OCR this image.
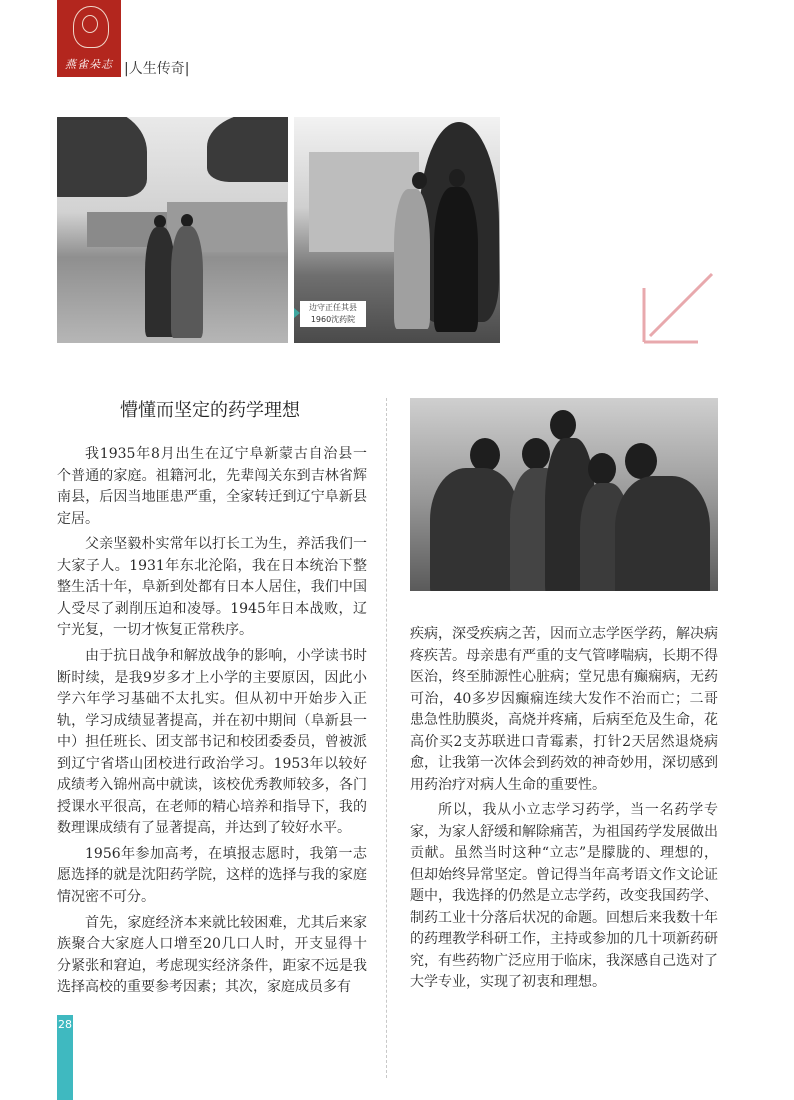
燕雀朵志 |人生传奇|
边守正任其县 1960沈药院
懵懂而坚定的药学理想

我1935年8月出生在辽宁阜新蒙古自治县一个普通的家庭。祖籍河北，先辈闯关东到吉林省辉南县，后因当地匪患严重，全家转迁到辽宁阜新县定居。

父亲坚毅朴实常年以打长工为生，养活我们一大家子人。1931年东北沦陷，我在日本统治下整整生活十年，阜新到处都有日本人居住，我们中国人受尽了剥削压迫和凌辱。1945年日本战败，辽宁光复，一切才恢复正常秩序。

由于抗日战争和解放战争的影响，小学读书时断时续，是我9岁多才上小学的主要原因，因此小学六年学习基础不太扎实。但从初中开始步入正轨，学习成绩显著提高，并在初中期间（阜新县一中）担任班长、团支部书记和校团委委员，曾被派到辽宁省塔山团校进行政治学习。1953年以较好成绩考入锦州高中就读，该校优秀教师较多，各门授课水平很高，在老师的精心培养和指导下，我的数理课成绩有了显著提高，并达到了较好水平。

1956年参加高考，在填报志愿时，我第一志愿选择的就是沈阳药学院，这样的选择与我的家庭情况密不可分。

首先，家庭经济本来就比较困难，尤其后来家族聚合大家庭人口增至20几口人时，开支显得十分紧张和窘迫，考虑现实经济条件，距家不远是我选择高校的重要参考因素；其次，家庭成员多有

疾病，深受疾病之苦，因而立志学医学药，解决病疼疾苦。母亲患有严重的支气管哮喘病，长期不得医治，终至肺源性心脏病；堂兄患有癫痫病，无药可治，40多岁因癫痫连续大发作不治而亡；二哥患急性肋膜炎，高烧并疼痛，后病至危及生命，花高价买2支苏联进口青霉素，打针2天居然退烧病愈，让我第一次体会到药效的神奇妙用，深切感到用药治疗对病人生命的重要性。

所以，我从小立志学习药学，当一名药学专家，为家人舒缓和解除痛苦，为祖国药学发展做出贡献。虽然当时这种“立志”是朦胧的、理想的，但却始终异常坚定。曾记得当年高考语文作文论证题中，我选择的仍然是立志学药，改变我国药学、制药工业十分落后状况的命题。回想后来我数十年的药理教学科研工作，主持或参加的几十项新药研究，有些药物广泛应用于临床，我深感自己选对了大学专业，实现了初衷和理想。

28
